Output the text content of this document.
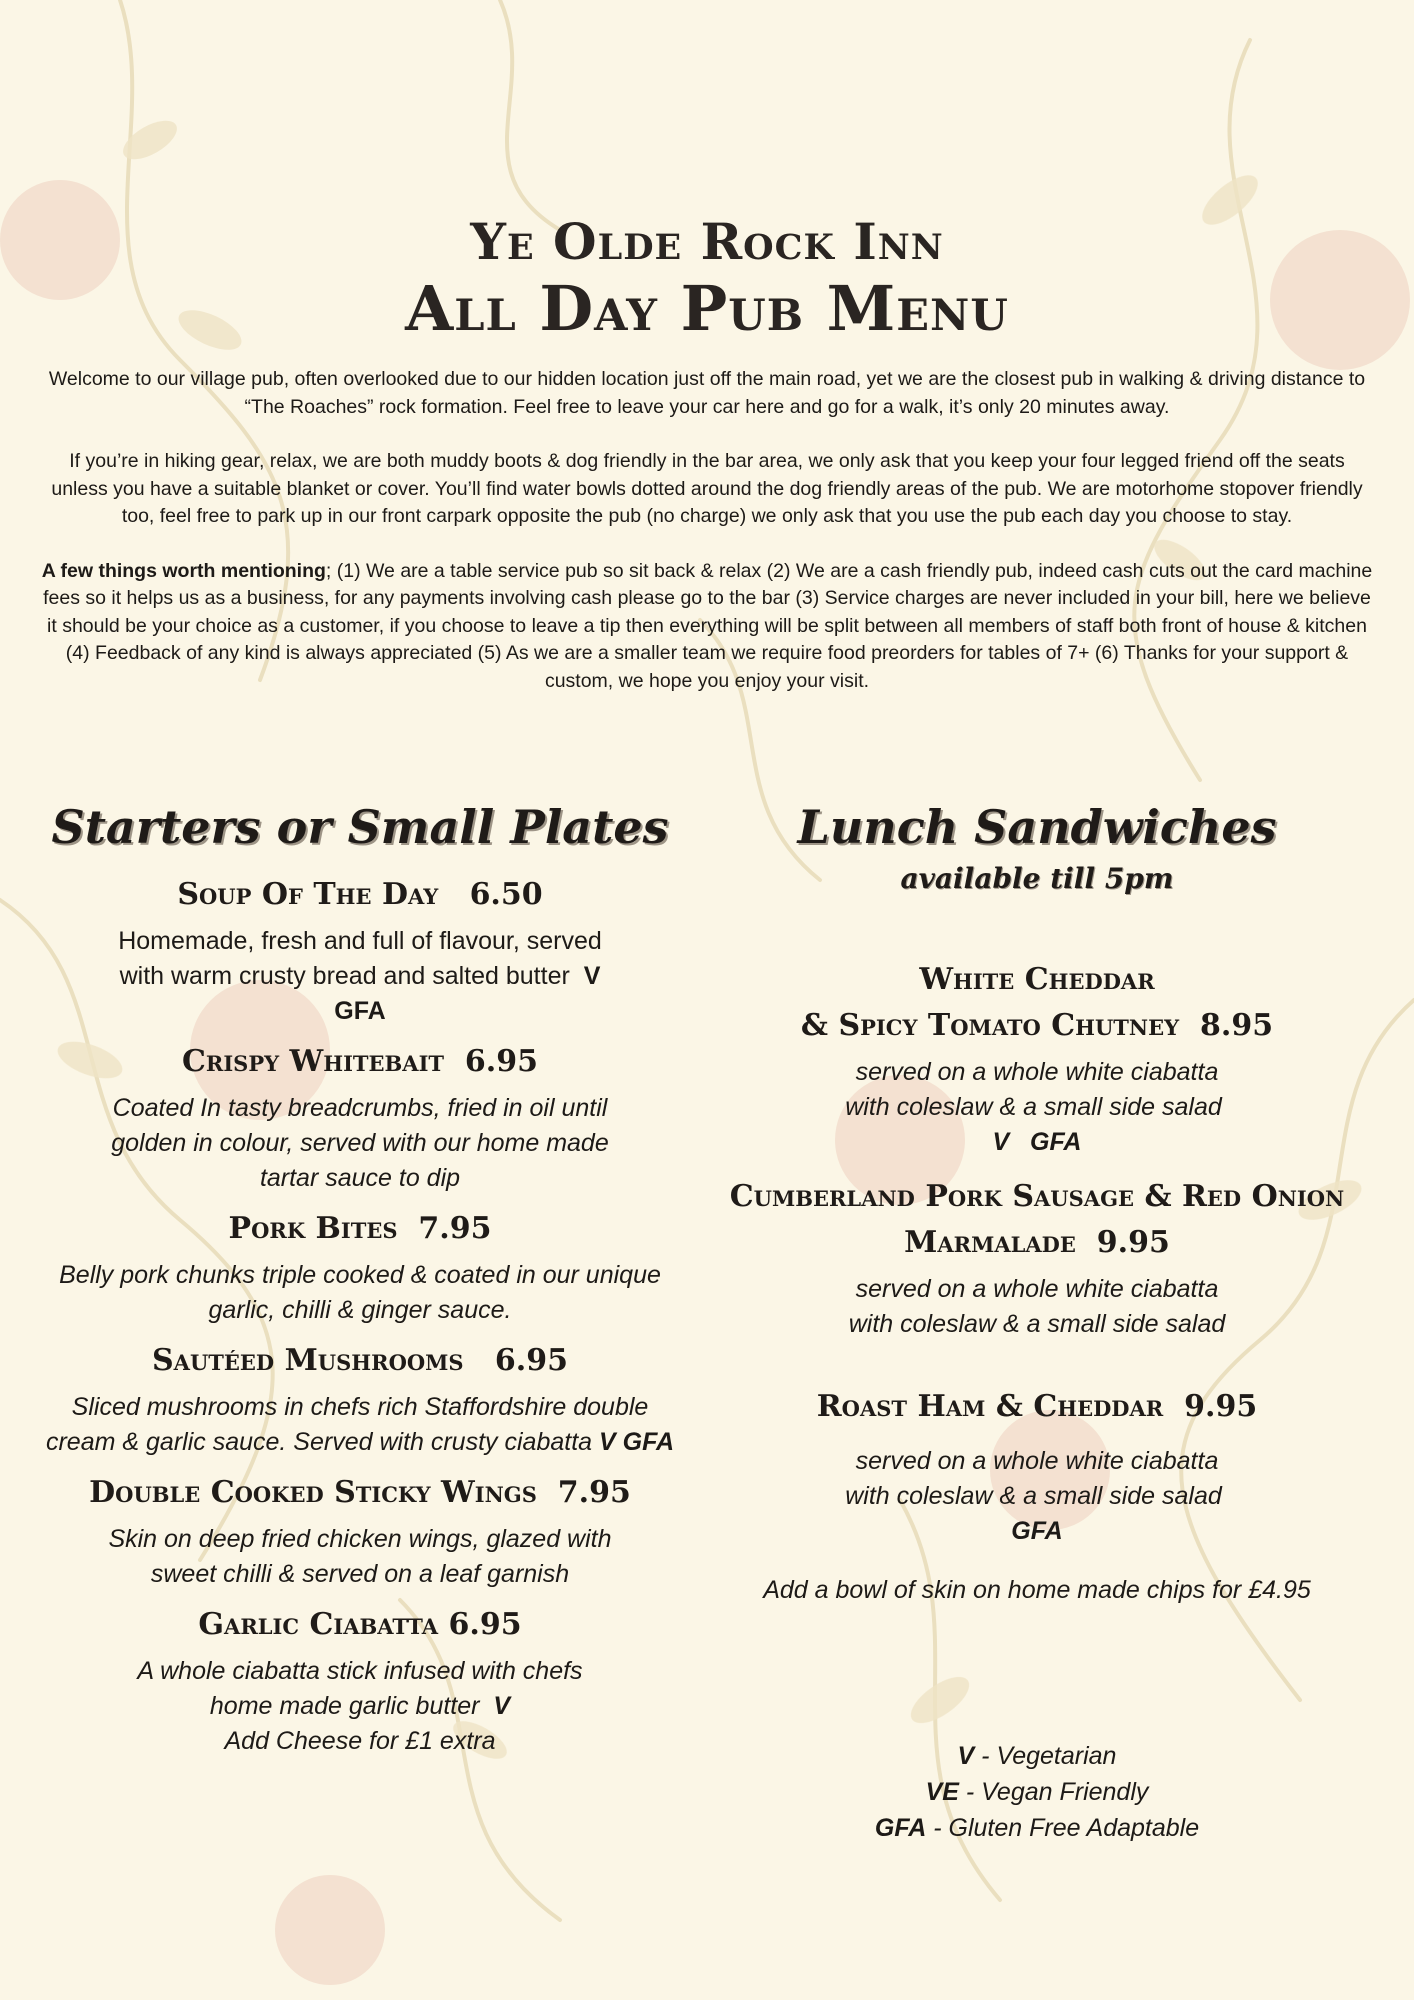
Ye Olde Rock Inn
All Day Pub Menu

Welcome to our village pub, often overlooked due to our hidden location just off the main road, yet we are the closest pub in walking & driving distance to “The Roaches” rock formation. Feel free to leave your car here and go for a walk, it’s only 20 minutes away.

If you’re in hiking gear, relax, we are both muddy boots & dog friendly in the bar area, we only ask that you keep your four legged friend off the seats unless you have a suitable blanket or cover. You’ll find water bowls dotted around the dog friendly areas of the pub. We are motorhome stopover friendly too, feel free to park up in our front carpark opposite the pub (no charge) we only ask that you use the pub each day you choose to stay.

A few things worth mentioning; (1) We are a table service pub so sit back & relax (2) We are a cash friendly pub, indeed cash cuts out the card machine fees so it helps us as a business, for any payments involving cash please go to the bar (3) Service charges are never included in your bill, here we believe it should be your choice as a customer, if you choose to leave a tip then everything will be split between all members of staff both front of house & kitchen (4) Feedback of any kind is always appreciated (5) As we are a smaller team we require food preorders for tables of 7+ (6) Thanks for your support & custom, we hope you enjoy your visit.

Starters or Small Plates

Soup Of The Day 6.50

Homemade, fresh and full of flavour, served with warm crusty bread and salted butter V GFA

Crispy Whitebait 6.95

Coated In tasty breadcrumbs, fried in oil until golden in colour, served with our home made tartar sauce to dip

Pork Bites 7.95

Belly pork chunks triple cooked & coated in our unique garlic, chilli & ginger sauce.

Sautéed Mushrooms 6.95

Sliced mushrooms in chefs rich Staffordshire double cream & garlic sauce. Served with crusty ciabatta V GFA

Double Cooked Sticky Wings 7.95

Skin on deep fried chicken wings, glazed with sweet chilli & served on a leaf garnish

Garlic Ciabatta 6.95

A whole ciabatta stick infused with chefs home made garlic butter V

Add Cheese for £1 extra

Lunch Sandwiches

available till 5pm

White Cheddar

& Spicy Tomato Chutney 8.95

served on a whole white ciabatta with coleslaw & a small side salad  V   GFA

Cumberland Pork Sausage & Red Onion

Marmalade 9.95

served on a whole white ciabatta with coleslaw & a small side salad

Roast Ham & Cheddar 9.95

served on a whole white ciabatta with coleslaw & a small side salad  GFA

Add a bowl of skin on home made chips for £4.95

V - Vegetarian
VE - Vegan Friendly
GFA - Gluten Free Adaptable
